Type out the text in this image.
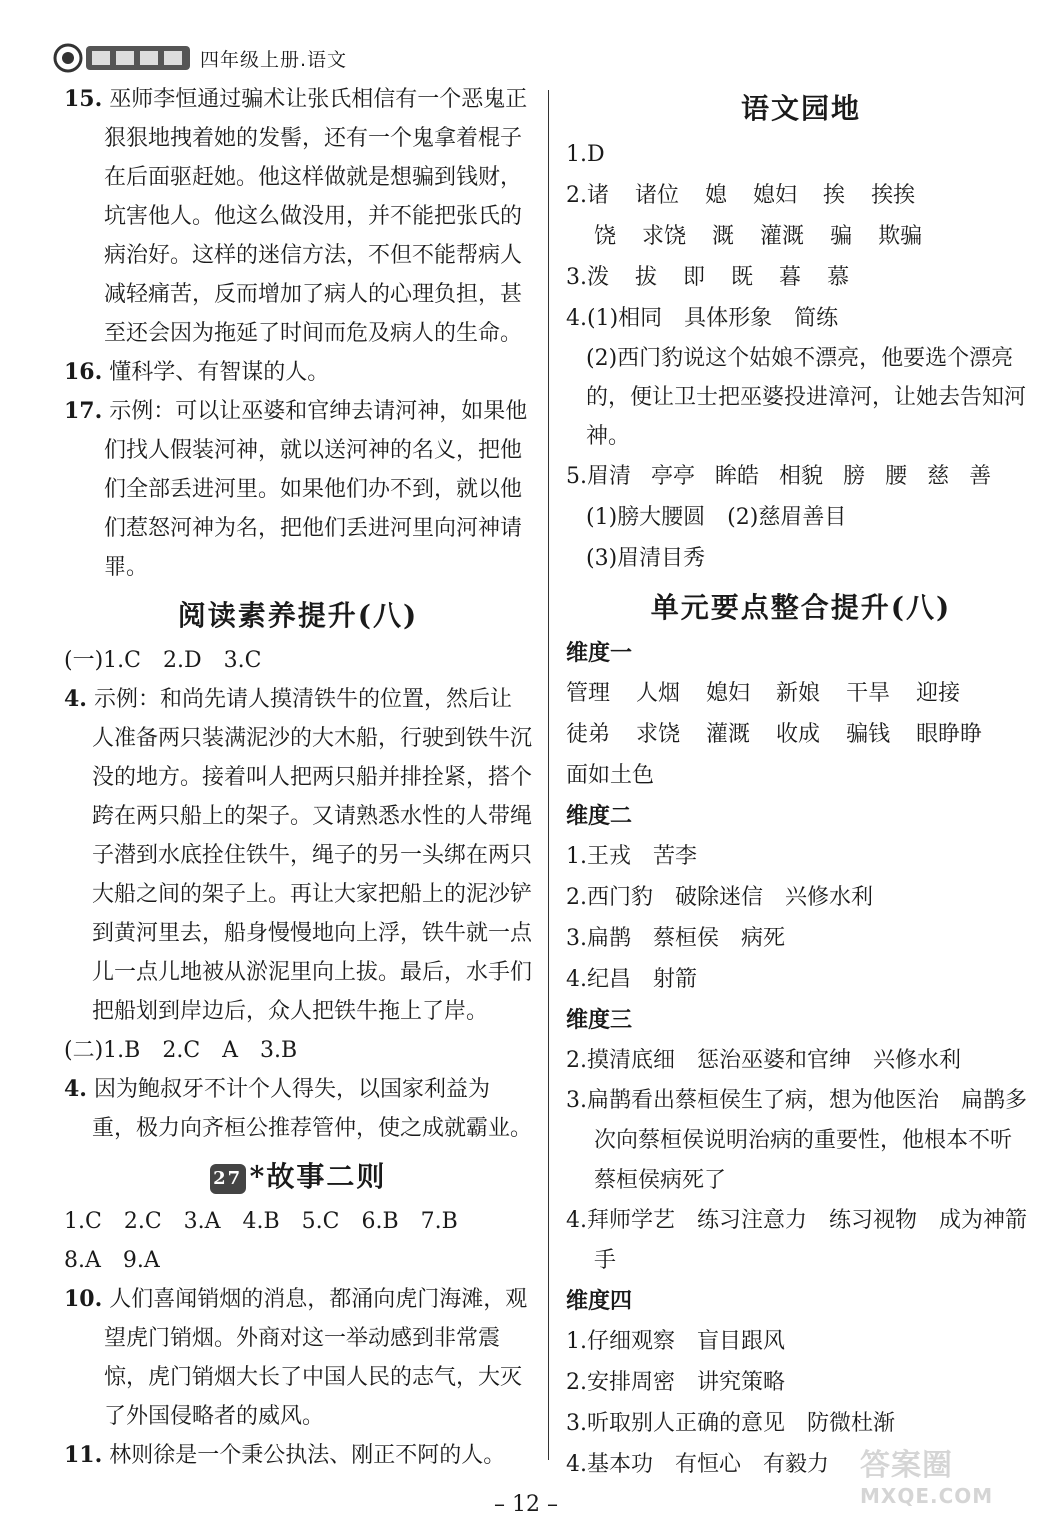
四年级上册.语文
15. 巫师李恒通过骗术让张氏相信有一个恶鬼正狠狠地拽着她的发髻，还有一个鬼拿着棍子在后面驱赶她。他这样做就是想骗到钱财，坑害他人。他这么做没用，并不能把张氏的病治好。这样的迷信方法，不但不能帮病人减轻痛苦，反而增加了病人的心理负担，甚至还会因为拖延了时间而危及病人的生命。
16. 懂科学、有智谋的人。
17. 示例：可以让巫婆和官绅去请河神，如果他们找人假装河神，就以送河神的名义，把他们全部丢进河里。如果他们办不到，就以他们惹怒河神为名，把他们丢进河里向河神请罪。
阅读素养提升(八)
(一)1.C　2.D　3.C
4. 示例：和尚先请人摸清铁牛的位置，然后让人准备两只装满泥沙的大木船，行驶到铁牛沉没的地方。接着叫人把两只船并排拴紧，搭个跨在两只船上的架子。又请熟悉水性的人带绳子潜到水底拴住铁牛，绳子的另一头绑在两只大船之间的架子上。再让大家把船上的泥沙铲到黄河里去，船身慢慢地向上浮，铁牛就一点儿一点儿地被从淤泥里向上拔。最后，水手们把船划到岸边后，众人把铁牛拖上了岸。
(二)1.B　2.C　A　3.B
4. 因为鲍叔牙不计个人得失，以国家利益为重，极力向齐桓公推荐管仲，使之成就霸业。
27 *故事二则
1.C　2.C　3.A　4.B　5.C　6.B　7.B
8.A　9.A
10. 人们喜闻销烟的消息，都涌向虎门海滩，观望虎门销烟。外商对这一举动感到非常震惊，虎门销烟大长了中国人民的志气，大灭了外国侵略者的威风。
11. 林则徐是一个秉公执法、刚正不阿的人。
语文园地
1.D
2.诸 诸位 媳 媳妇 挨 挨挨
饶 求饶 溉 灌溉 骗 欺骗
3.泼 拔 即 既 暮 慕
4.(1)相同　具体形象　简练
(2)西门豹说这个姑娘不漂亮，他要选个漂亮的，便让卫士把巫婆投进漳河，让她去告知河神。
5.眉清 亭亭 眸皓 相貌 膀 腰 慈 善
(1)膀大腰圆　(2)慈眉善目
(3)眉清目秀
单元要点整合提升(八)
维度一
管理 人烟 媳妇 新娘 干旱 迎接
徒弟 求饶 灌溉 收成 骗钱 眼睁睁
面如土色
维度二
1.王戎　苦李
2.西门豹　破除迷信　兴修水利
3.扁鹊　蔡桓侯　病死
4.纪昌　射箭
维度三
2.摸清底细　惩治巫婆和官绅　兴修水利
3.扁鹊看出蔡桓侯生了病，想为他医治　扁鹊多次向蔡桓侯说明治病的重要性，他根本不听　蔡桓侯病死了
4.拜师学艺　练习注意力　练习视物　成为神箭手
维度四
1.仔细观察　盲目跟风
2.安排周密　讲究策略
3.听取别人正确的意见　防微杜渐
4.基本功　有恒心　有毅力	答案圈
MXQE.COM
– 12 –
